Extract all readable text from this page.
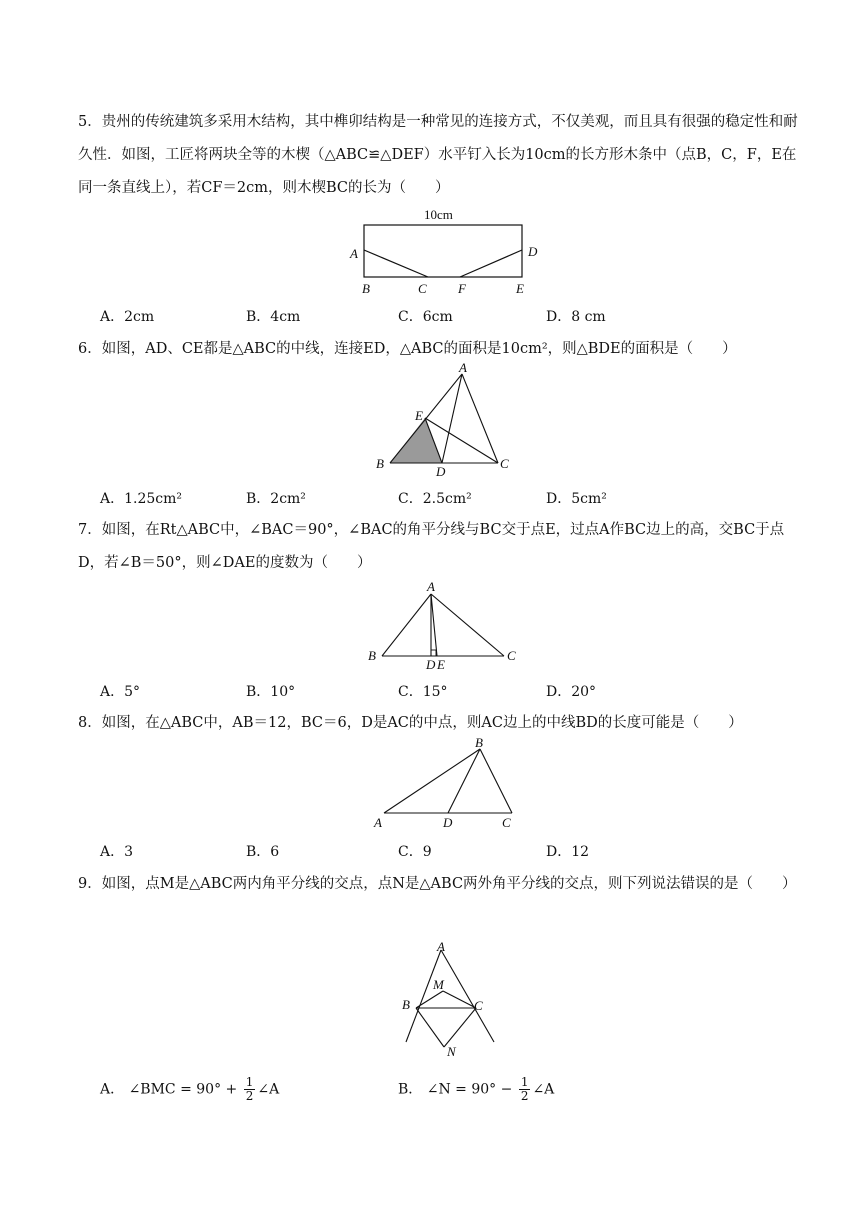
5．贵州的传统建筑多采用木结构，其中榫卯结构是一种常见的连接方式，不仅美观，而且具有很强的稳定性和耐久性．如图，工匠将两块全等的木楔（△ABC≌△DEF）水平钉入长为10cm的长方形木条中（点B，C，F，E在同一条直线上），若CF＝2cm，则木楔BC的长为（　　）
10cm
A	D
B	C F	E
A．2cm	B．4cm	C．6cm	D．8 cm
6．如图，AD、CE都是△ABC的中线，连接ED，△ABC的面积是10cm²，则△BDE的面积是（　　）
A
E
B
D
C
A．1.25cm²	B．2cm²	C．2.5cm²	D．5cm²
7．如图，在Rt△ABC中，∠BAC＝90°，∠BAC的角平分线与BC交于点E，过点A作BC边上的高，交BC于点D，若∠B＝50°，则∠DAE的度数为（　　）
A
B
D E
C
A．5°	B．10°	C．15°	D．20°
8．如图，在△ABC中，AB＝12，BC＝6，D是AC的中点，则AC边上的中线BD的长度可能是（　　）
B
A	D	C
A．3	B．6	C．9	D．12
9．如图，点M是△ABC两内角平分线的交点，点N是△ABC两外角平分线的交点，则下列说法错误的是（　　）
A
M
B	C
N
A． ∠BMC = $90^\circ + \frac{1}{2}$ ∠A	B． ∠N = $90^\circ - \frac{1}{2}$ ∠A
